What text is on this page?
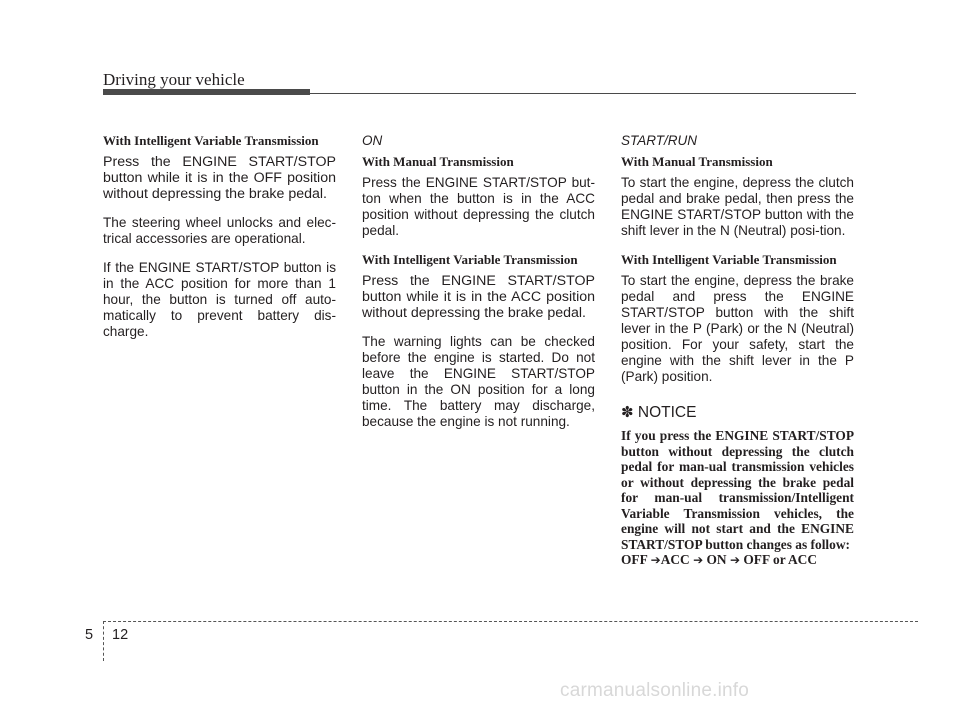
Driving your vehicle

With Intelligent Variable Transmission

Press the ENGINE START/STOP button while it is in the OFF position without depressing the brake pedal.

The steering wheel unlocks and elec-trical accessories are operational.

If the ENGINE START/STOP button is in the ACC position for more than 1 hour, the button is turned off auto-matically to prevent battery dis-charge.

ON

With Manual Transmission

Press the ENGINE START/STOP but-ton when the button is in the ACC position without depressing the clutch pedal.

With Intelligent Variable Transmission

Press the ENGINE START/STOP button while it is in the ACC position without depressing the brake pedal.

The warning lights can be checked before the engine is started. Do not leave the ENGINE START/STOP button in the ON position for a long time. The battery may discharge, because the engine is not running.

START/RUN

With Manual Transmission

To start the engine, depress the clutch pedal and brake pedal, then press the ENGINE START/STOP button with the shift lever in the N (Neutral) posi-tion.

With Intelligent Variable Transmission

To start the engine, depress the brake pedal and press the ENGINE START/STOP button with the shift lever in the P (Park) or the N (Neutral) position. For your safety, start the engine with the shift lever in the P (Park) position.

✽ NOTICE

If you press the ENGINE START/STOP button without depressing the clutch pedal for man-ual transmission vehicles or without depressing the brake pedal for man-ual transmission/Intelligent Variable Transmission vehicles, the engine will not start and the ENGINE START/STOP button changes as follow:

OFF ➔ACC ➔ ON ➔ OFF or ACC

5 12
carmanualsonline.info
